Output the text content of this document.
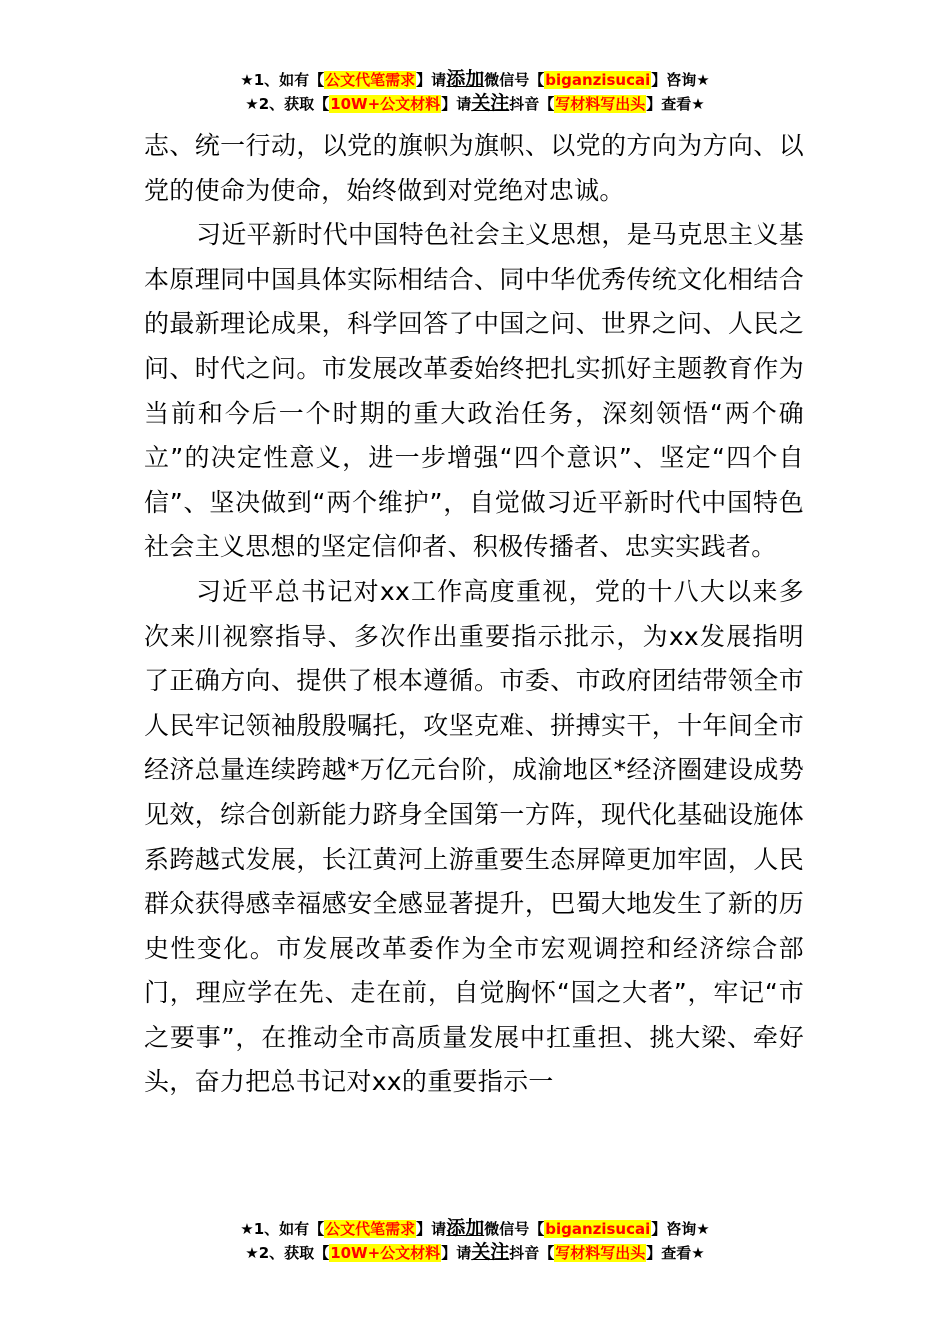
★1、如有【公文代笔需求】请添加微信号【biganzisucai】咨询★
★2、获取【10W+公文材料】请关注抖音【写材料写出头】查看★

志、统一行动，以党的旗帜为旗帜、以党的方向为方向、以党的使命为使命，始终做到对党绝对忠诚。

习近平新时代中国特色社会主义思想，是马克思主义基本原理同中国具体实际相结合、同中华优秀传统文化相结合的最新理论成果，科学回答了中国之问、世界之问、人民之问、时代之问。市发展改革委始终把扎实抓好主题教育作为当前和今后一个时期的重大政治任务，深刻领悟“两个确立”的决定性意义，进一步增强“四个意识”、坚定“四个自信”、坚决做到“两个维护”，自觉做习近平新时代中国特色社会主义思想的坚定信仰者、积极传播者、忠实实践者。

习近平总书记对xx工作高度重视，党的十八大以来多次来川视察指导、多次作出重要指示批示，为xx发展指明了正确方向、提供了根本遵循。市委、市政府团结带领全市人民牢记领袖殷殷嘱托，攻坚克难、拼搏实干，十年间全市经济总量连续跨越*万亿元台阶，成渝地区*经济圈建设成势见效，综合创新能力跻身全国第一方阵，现代化基础设施体系跨越式发展，长江黄河上游重要生态屏障更加牢固，人民群众获得感幸福感安全感显著提升，巴蜀大地发生了新的历史性变化。市发展改革委作为全市宏观调控和经济综合部门，理应学在先、走在前，自觉胸怀“国之大者”，牢记“市之要事”，在推动全市高质量发展中扛重担、挑大梁、牵好头，奋力把总书记对xx的重要指示一

★1、如有【公文代笔需求】请添加微信号【biganzisucai】咨询★
★2、获取【10W+公文材料】请关注抖音【写材料写出头】查看★
